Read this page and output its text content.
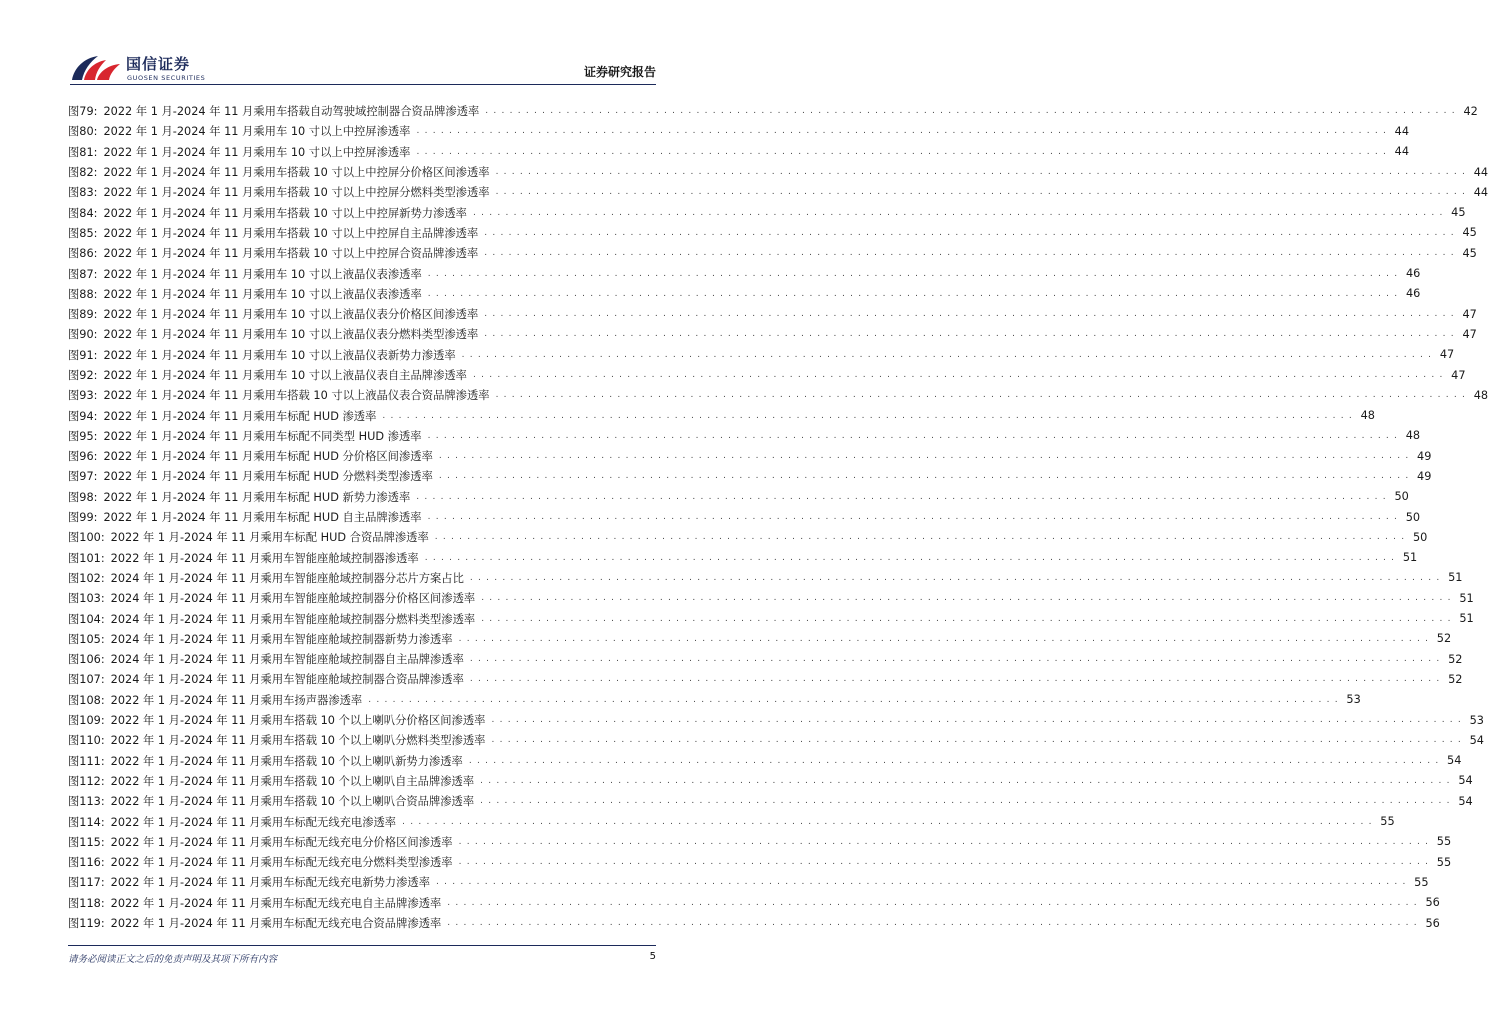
国信证券
GUOSEN SECURITIES	证券研究报告
图79: 2022 年 1 月-2024 年 11 月乘用车搭载自动驾驶域控制器合资品牌渗透率 . . . . . . . . . . . . . . . . . . . . . . . . . . . . . . . . . . . . . . . . . . . . . . . . . . . . . . . . . . . . . . . . . . . . . . . . . . . . . . . . . . . . . . . . . . . . . . . . . . . . . . . . . . . . . . . . . . . . . . . . 42
图80: 2022 年 1 月-2024 年 11 月乘用车 10 寸以上中控屏渗透率 . . . . . . . . . . . . . . . . . . . . . . . . . . . . . . . . . . . . . . . . . . . . . . . . . . . . . . . . . . . . . . . . . . . . . . . . . . . . . . . . . . . . . . . . . . . . . . . . . . . . . . . . . . . . . . . . . . . . . . . . 44
图81: 2022 年 1 月-2024 年 11 月乘用车 10 寸以上中控屏渗透率 . . . . . . . . . . . . . . . . . . . . . . . . . . . . . . . . . . . . . . . . . . . . . . . . . . . . . . . . . . . . . . . . . . . . . . . . . . . . . . . . . . . . . . . . . . . . . . . . . . . . . . . . . . . . . . . . . . . . . . . . 44
图82: 2022 年 1 月-2024 年 11 月乘用车搭载 10 寸以上中控屏分价格区间渗透率 . . . . . . . . . . . . . . . . . . . . . . . . . . . . . . . . . . . . . . . . . . . . . . . . . . . . . . . . . . . . . . . . . . . . . . . . . . . . . . . . . . . . . . . . . . . . . . . . . . . . . . . . . . . . . . . . . . . . . . . . 44
图83: 2022 年 1 月-2024 年 11 月乘用车搭载 10 寸以上中控屏分燃料类型渗透率 . . . . . . . . . . . . . . . . . . . . . . . . . . . . . . . . . . . . . . . . . . . . . . . . . . . . . . . . . . . . . . . . . . . . . . . . . . . . . . . . . . . . . . . . . . . . . . . . . . . . . . . . . . . . . . . . . . . . . . . . 44
图84: 2022 年 1 月-2024 年 11 月乘用车搭载 10 寸以上中控屏新势力渗透率 . . . . . . . . . . . . . . . . . . . . . . . . . . . . . . . . . . . . . . . . . . . . . . . . . . . . . . . . . . . . . . . . . . . . . . . . . . . . . . . . . . . . . . . . . . . . . . . . . . . . . . . . . . . . . . . . . . . . . . . . 45
图85: 2022 年 1 月-2024 年 11 月乘用车搭载 10 寸以上中控屏自主品牌渗透率 . . . . . . . . . . . . . . . . . . . . . . . . . . . . . . . . . . . . . . . . . . . . . . . . . . . . . . . . . . . . . . . . . . . . . . . . . . . . . . . . . . . . . . . . . . . . . . . . . . . . . . . . . . . . . . . . . . . . . . . . 45
图86: 2022 年 1 月-2024 年 11 月乘用车搭载 10 寸以上中控屏合资品牌渗透率 . . . . . . . . . . . . . . . . . . . . . . . . . . . . . . . . . . . . . . . . . . . . . . . . . . . . . . . . . . . . . . . . . . . . . . . . . . . . . . . . . . . . . . . . . . . . . . . . . . . . . . . . . . . . . . . . . . . . . . . . 45
图87: 2022 年 1 月-2024 年 11 月乘用车 10 寸以上液晶仪表渗透率 . . . . . . . . . . . . . . . . . . . . . . . . . . . . . . . . . . . . . . . . . . . . . . . . . . . . . . . . . . . . . . . . . . . . . . . . . . . . . . . . . . . . . . . . . . . . . . . . . . . . . . . . . . . . . . . . . . . . . . . . 46
图88: 2022 年 1 月-2024 年 11 月乘用车 10 寸以上液晶仪表渗透率 . . . . . . . . . . . . . . . . . . . . . . . . . . . . . . . . . . . . . . . . . . . . . . . . . . . . . . . . . . . . . . . . . . . . . . . . . . . . . . . . . . . . . . . . . . . . . . . . . . . . . . . . . . . . . . . . . . . . . . . . 46
图89: 2022 年 1 月-2024 年 11 月乘用车 10 寸以上液晶仪表分价格区间渗透率 . . . . . . . . . . . . . . . . . . . . . . . . . . . . . . . . . . . . . . . . . . . . . . . . . . . . . . . . . . . . . . . . . . . . . . . . . . . . . . . . . . . . . . . . . . . . . . . . . . . . . . . . . . . . . . . . . . . . . . . . 47
图90: 2022 年 1 月-2024 年 11 月乘用车 10 寸以上液晶仪表分燃料类型渗透率 . . . . . . . . . . . . . . . . . . . . . . . . . . . . . . . . . . . . . . . . . . . . . . . . . . . . . . . . . . . . . . . . . . . . . . . . . . . . . . . . . . . . . . . . . . . . . . . . . . . . . . . . . . . . . . . . . . . . . . . . 47
图91: 2022 年 1 月-2024 年 11 月乘用车 10 寸以上液晶仪表新势力渗透率 . . . . . . . . . . . . . . . . . . . . . . . . . . . . . . . . . . . . . . . . . . . . . . . . . . . . . . . . . . . . . . . . . . . . . . . . . . . . . . . . . . . . . . . . . . . . . . . . . . . . . . . . . . . . . . . . . . . . . . . . 47
图92: 2022 年 1 月-2024 年 11 月乘用车 10 寸以上液晶仪表自主品牌渗透率 . . . . . . . . . . . . . . . . . . . . . . . . . . . . . . . . . . . . . . . . . . . . . . . . . . . . . . . . . . . . . . . . . . . . . . . . . . . . . . . . . . . . . . . . . . . . . . . . . . . . . . . . . . . . . . . . . . . . . . . . 47
图93: 2022 年 1 月-2024 年 11 月乘用车搭载 10 寸以上液晶仪表合资品牌渗透率 . . . . . . . . . . . . . . . . . . . . . . . . . . . . . . . . . . . . . . . . . . . . . . . . . . . . . . . . . . . . . . . . . . . . . . . . . . . . . . . . . . . . . . . . . . . . . . . . . . . . . . . . . . . . . . . . . . . . . . . . 48
图94: 2022 年 1 月-2024 年 11 月乘用车标配 HUD 渗透率 . . . . . . . . . . . . . . . . . . . . . . . . . . . . . . . . . . . . . . . . . . . . . . . . . . . . . . . . . . . . . . . . . . . . . . . . . . . . . . . . . . . . . . . . . . . . . . . . . . . . . . . . . . . . . . . . . . . . . . . . 48
图95: 2022 年 1 月-2024 年 11 月乘用车标配不同类型 HUD 渗透率 . . . . . . . . . . . . . . . . . . . . . . . . . . . . . . . . . . . . . . . . . . . . . . . . . . . . . . . . . . . . . . . . . . . . . . . . . . . . . . . . . . . . . . . . . . . . . . . . . . . . . . . . . . . . . . . . . . . . . . . . 48
图96: 2022 年 1 月-2024 年 11 月乘用车标配 HUD 分价格区间渗透率 . . . . . . . . . . . . . . . . . . . . . . . . . . . . . . . . . . . . . . . . . . . . . . . . . . . . . . . . . . . . . . . . . . . . . . . . . . . . . . . . . . . . . . . . . . . . . . . . . . . . . . . . . . . . . . . . . . . . . . . . 49
图97: 2022 年 1 月-2024 年 11 月乘用车标配 HUD 分燃料类型渗透率 . . . . . . . . . . . . . . . . . . . . . . . . . . . . . . . . . . . . . . . . . . . . . . . . . . . . . . . . . . . . . . . . . . . . . . . . . . . . . . . . . . . . . . . . . . . . . . . . . . . . . . . . . . . . . . . . . . . . . . . . 49
图98: 2022 年 1 月-2024 年 11 月乘用车标配 HUD 新势力渗透率 . . . . . . . . . . . . . . . . . . . . . . . . . . . . . . . . . . . . . . . . . . . . . . . . . . . . . . . . . . . . . . . . . . . . . . . . . . . . . . . . . . . . . . . . . . . . . . . . . . . . . . . . . . . . . . . . . . . . . . . . 50
图99: 2022 年 1 月-2024 年 11 月乘用车标配 HUD 自主品牌渗透率 . . . . . . . . . . . . . . . . . . . . . . . . . . . . . . . . . . . . . . . . . . . . . . . . . . . . . . . . . . . . . . . . . . . . . . . . . . . . . . . . . . . . . . . . . . . . . . . . . . . . . . . . . . . . . . . . . . . . . . . . 50
图100: 2022 年 1 月-2024 年 11 月乘用车标配 HUD 合资品牌渗透率 . . . . . . . . . . . . . . . . . . . . . . . . . . . . . . . . . . . . . . . . . . . . . . . . . . . . . . . . . . . . . . . . . . . . . . . . . . . . . . . . . . . . . . . . . . . . . . . . . . . . . . . . . . . . . . . . . . . . . . . . 50
图101: 2022 年 1 月-2024 年 11 月乘用车智能座舱域控制器渗透率 . . . . . . . . . . . . . . . . . . . . . . . . . . . . . . . . . . . . . . . . . . . . . . . . . . . . . . . . . . . . . . . . . . . . . . . . . . . . . . . . . . . . . . . . . . . . . . . . . . . . . . . . . . . . . . . . . . . . . . . . 51
图102: 2024 年 1 月-2024 年 11 月乘用车智能座舱域控制器分芯片方案占比 . . . . . . . . . . . . . . . . . . . . . . . . . . . . . . . . . . . . . . . . . . . . . . . . . . . . . . . . . . . . . . . . . . . . . . . . . . . . . . . . . . . . . . . . . . . . . . . . . . . . . . . . . . . . . . . . . . . . . . . . 51
图103: 2024 年 1 月-2024 年 11 月乘用车智能座舱域控制器分价格区间渗透率 . . . . . . . . . . . . . . . . . . . . . . . . . . . . . . . . . . . . . . . . . . . . . . . . . . . . . . . . . . . . . . . . . . . . . . . . . . . . . . . . . . . . . . . . . . . . . . . . . . . . . . . . . . . . . . . . . . . . . . . . 51
图104: 2024 年 1 月-2024 年 11 月乘用车智能座舱域控制器分燃料类型渗透率 . . . . . . . . . . . . . . . . . . . . . . . . . . . . . . . . . . . . . . . . . . . . . . . . . . . . . . . . . . . . . . . . . . . . . . . . . . . . . . . . . . . . . . . . . . . . . . . . . . . . . . . . . . . . . . . . . . . . . . . . 51
图105: 2024 年 1 月-2024 年 11 月乘用车智能座舱域控制器新势力渗透率 . . . . . . . . . . . . . . . . . . . . . . . . . . . . . . . . . . . . . . . . . . . . . . . . . . . . . . . . . . . . . . . . . . . . . . . . . . . . . . . . . . . . . . . . . . . . . . . . . . . . . . . . . . . . . . . . . . . . . . . . 52
图106: 2024 年 1 月-2024 年 11 月乘用车智能座舱域控制器自主品牌渗透率 . . . . . . . . . . . . . . . . . . . . . . . . . . . . . . . . . . . . . . . . . . . . . . . . . . . . . . . . . . . . . . . . . . . . . . . . . . . . . . . . . . . . . . . . . . . . . . . . . . . . . . . . . . . . . . . . . . . . . . . . 52
图107: 2024 年 1 月-2024 年 11 月乘用车智能座舱域控制器合资品牌渗透率 . . . . . . . . . . . . . . . . . . . . . . . . . . . . . . . . . . . . . . . . . . . . . . . . . . . . . . . . . . . . . . . . . . . . . . . . . . . . . . . . . . . . . . . . . . . . . . . . . . . . . . . . . . . . . . . . . . . . . . . . 52
图108: 2022 年 1 月-2024 年 11 月乘用车扬声器渗透率 . . . . . . . . . . . . . . . . . . . . . . . . . . . . . . . . . . . . . . . . . . . . . . . . . . . . . . . . . . . . . . . . . . . . . . . . . . . . . . . . . . . . . . . . . . . . . . . . . . . . . . . . . . . . . . . . . . . . . . . . 53
图109: 2022 年 1 月-2024 年 11 月乘用车搭载 10 个以上喇叭分价格区间渗透率 . . . . . . . . . . . . . . . . . . . . . . . . . . . . . . . . . . . . . . . . . . . . . . . . . . . . . . . . . . . . . . . . . . . . . . . . . . . . . . . . . . . . . . . . . . . . . . . . . . . . . . . . . . . . . . . . . . . . . . . . 53
图110: 2022 年 1 月-2024 年 11 月乘用车搭载 10 个以上喇叭分燃料类型渗透率 . . . . . . . . . . . . . . . . . . . . . . . . . . . . . . . . . . . . . . . . . . . . . . . . . . . . . . . . . . . . . . . . . . . . . . . . . . . . . . . . . . . . . . . . . . . . . . . . . . . . . . . . . . . . . . . . . . . . . . . . 54
图111: 2022 年 1 月-2024 年 11 月乘用车搭载 10 个以上喇叭新势力渗透率 . . . . . . . . . . . . . . . . . . . . . . . . . . . . . . . . . . . . . . . . . . . . . . . . . . . . . . . . . . . . . . . . . . . . . . . . . . . . . . . . . . . . . . . . . . . . . . . . . . . . . . . . . . . . . . . . . . . . . . . . 54
图112: 2022 年 1 月-2024 年 11 月乘用车搭载 10 个以上喇叭自主品牌渗透率 . . . . . . . . . . . . . . . . . . . . . . . . . . . . . . . . . . . . . . . . . . . . . . . . . . . . . . . . . . . . . . . . . . . . . . . . . . . . . . . . . . . . . . . . . . . . . . . . . . . . . . . . . . . . . . . . . . . . . . . . 54
图113: 2022 年 1 月-2024 年 11 月乘用车搭载 10 个以上喇叭合资品牌渗透率 . . . . . . . . . . . . . . . . . . . . . . . . . . . . . . . . . . . . . . . . . . . . . . . . . . . . . . . . . . . . . . . . . . . . . . . . . . . . . . . . . . . . . . . . . . . . . . . . . . . . . . . . . . . . . . . . . . . . . . . . 54
图114: 2022 年 1 月-2024 年 11 月乘用车标配无线充电渗透率 . . . . . . . . . . . . . . . . . . . . . . . . . . . . . . . . . . . . . . . . . . . . . . . . . . . . . . . . . . . . . . . . . . . . . . . . . . . . . . . . . . . . . . . . . . . . . . . . . . . . . . . . . . . . . . . . . . . . . . . . 55
图115: 2022 年 1 月-2024 年 11 月乘用车标配无线充电分价格区间渗透率 . . . . . . . . . . . . . . . . . . . . . . . . . . . . . . . . . . . . . . . . . . . . . . . . . . . . . . . . . . . . . . . . . . . . . . . . . . . . . . . . . . . . . . . . . . . . . . . . . . . . . . . . . . . . . . . . . . . . . . . . 55
图116: 2022 年 1 月-2024 年 11 月乘用车标配无线充电分燃料类型渗透率 . . . . . . . . . . . . . . . . . . . . . . . . . . . . . . . . . . . . . . . . . . . . . . . . . . . . . . . . . . . . . . . . . . . . . . . . . . . . . . . . . . . . . . . . . . . . . . . . . . . . . . . . . . . . . . . . . . . . . . . . 55
图117: 2022 年 1 月-2024 年 11 月乘用车标配无线充电新势力渗透率 . . . . . . . . . . . . . . . . . . . . . . . . . . . . . . . . . . . . . . . . . . . . . . . . . . . . . . . . . . . . . . . . . . . . . . . . . . . . . . . . . . . . . . . . . . . . . . . . . . . . . . . . . . . . . . . . . . . . . . . . 55
图118: 2022 年 1 月-2024 年 11 月乘用车标配无线充电自主品牌渗透率 . . . . . . . . . . . . . . . . . . . . . . . . . . . . . . . . . . . . . . . . . . . . . . . . . . . . . . . . . . . . . . . . . . . . . . . . . . . . . . . . . . . . . . . . . . . . . . . . . . . . . . . . . . . . . . . . . . . . . . . . 56
图119: 2022 年 1 月-2024 年 11 月乘用车标配无线充电合资品牌渗透率 . . . . . . . . . . . . . . . . . . . . . . . . . . . . . . . . . . . . . . . . . . . . . . . . . . . . . . . . . . . . . . . . . . . . . . . . . . . . . . . . . . . . . . . . . . . . . . . . . . . . . . . . . . . . . . . . . . . . . . . . 56
请务必阅读正文之后的免责声明及其项下所有内容	5
